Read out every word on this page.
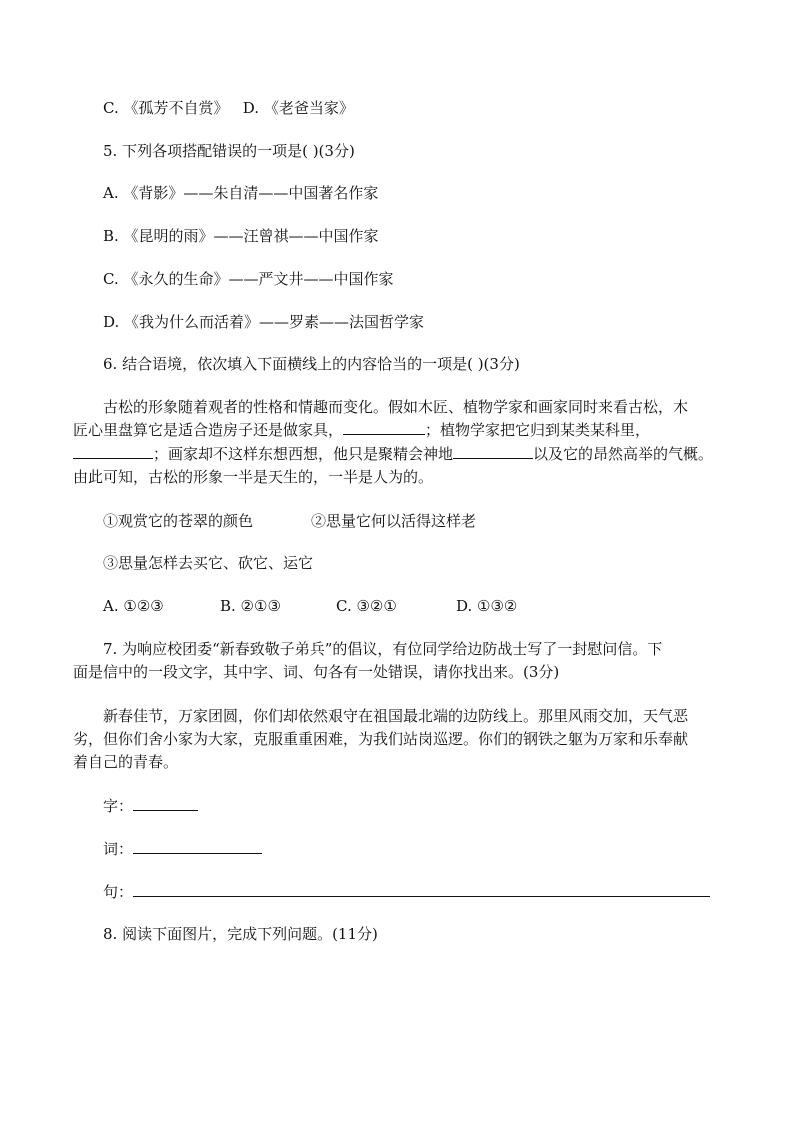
C. 《孤芳不自赏》 D. 《老爸当家》
5. 下列各项搭配错误的一项是( )(3分)
A. 《背影》——朱自清——中国著名作家
B. 《昆明的雨》——汪曾祺——中国作家
C. 《永久的生命》——严文井——中国作家
D. 《我为什么而活着》——罗素——法国哲学家
6. 结合语境，依次填入下面横线上的内容恰当的一项是( )(3分)
古松的形象随着观者的性格和情趣而变化。假如木匠、植物学家和画家同时来看古松，木
匠心里盘算它是适合造房子还是做家具，	；植物学家把它归到某类某科里，
；画家却不这样东想西想，他只是聚精会神地	以及它的昂然高举的气概。
由此可知，古松的形象一半是天生的，一半是人为的。
①观赏它的苍翠的颜色	②思量它何以活得这样老
③思量怎样去买它、砍它、运它
A. ①②③	B. ②①③	C. ③②①	D. ①③②
7. 为响应校团委“新春致敬子弟兵”的倡议，有位同学给边防战士写了一封慰问信。下
面是信中的一段文字，其中字、词、句各有一处错误，请你找出来。(3分)
新春佳节，万家团圆，你们却依然艰守在祖国最北端的边防线上。那里风雨交加，天气恶
劣，但你们舍小家为大家，克服重重困难，为我们站岗巡逻。你们的钢铁之躯为万家和乐奉献
着自己的青春。
字：
词：
句：
8. 阅读下面图片，完成下列问题。(11分)
